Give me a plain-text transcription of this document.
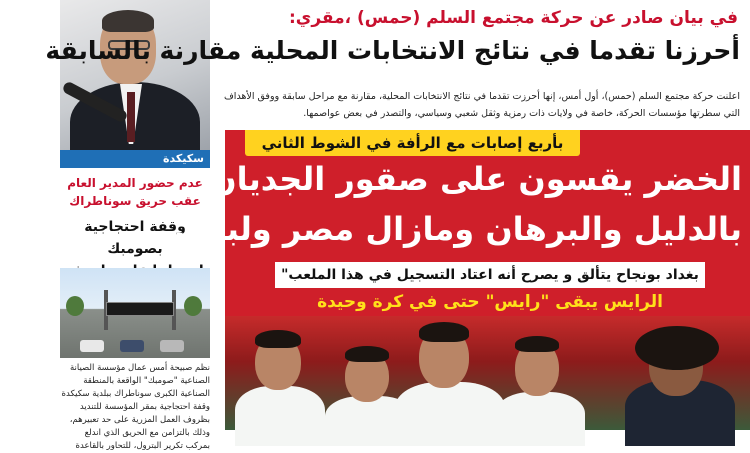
في بيان صادر عن حركة مجتمع السلم (حمس) ،مقري:
أحرزنا تقدما في نتائج الانتخابات المحلية مقارنة بالسابقة
اعلنت حركة مجتمع السلم (حمس)، أول أمس، إنها أحرزت تقدما في نتائج الانتخابات المحلية، مقارنة مع مراحل سابقة ووفق الأهداف التي سطرتها مؤسسات الحركة، خاصة في ولايات ذات رمزية وثقل شعبي وسياسي، والتصدر في بعض عواصمها.
سكيكدة
عدم حضور المدير العام عقب حريق سوناطراك
وقفة احتجاجية بصومبك
نظم صبيحة أمس عمال مؤسسة الصيانة الصناعية "صومبك" الواقعة بالمنطقة الصناعية الكبرى سوناطراك ببلدية سكيكدة وقفة احتجاجية بمقر المؤسسة للتنديد بظروف العمل المزرية على حد تعبيرهم، وذلك بالتزامن مع الحريق الذي اندلع بمركب تكرير البترول، للتحاور بالقاعدة
بأربع إصابات مع الرأفة في الشوط الثاني
الخضر يقسون على صقور الجديان
بالدليل والبرهان ومازال مصر ولبنان
بغداد بونجاح يتألق و يصرح أنه اعتاد التسجيل في هذا الملعب"
الرايس يبقى "رايس" حتى في كرة وحيدة
